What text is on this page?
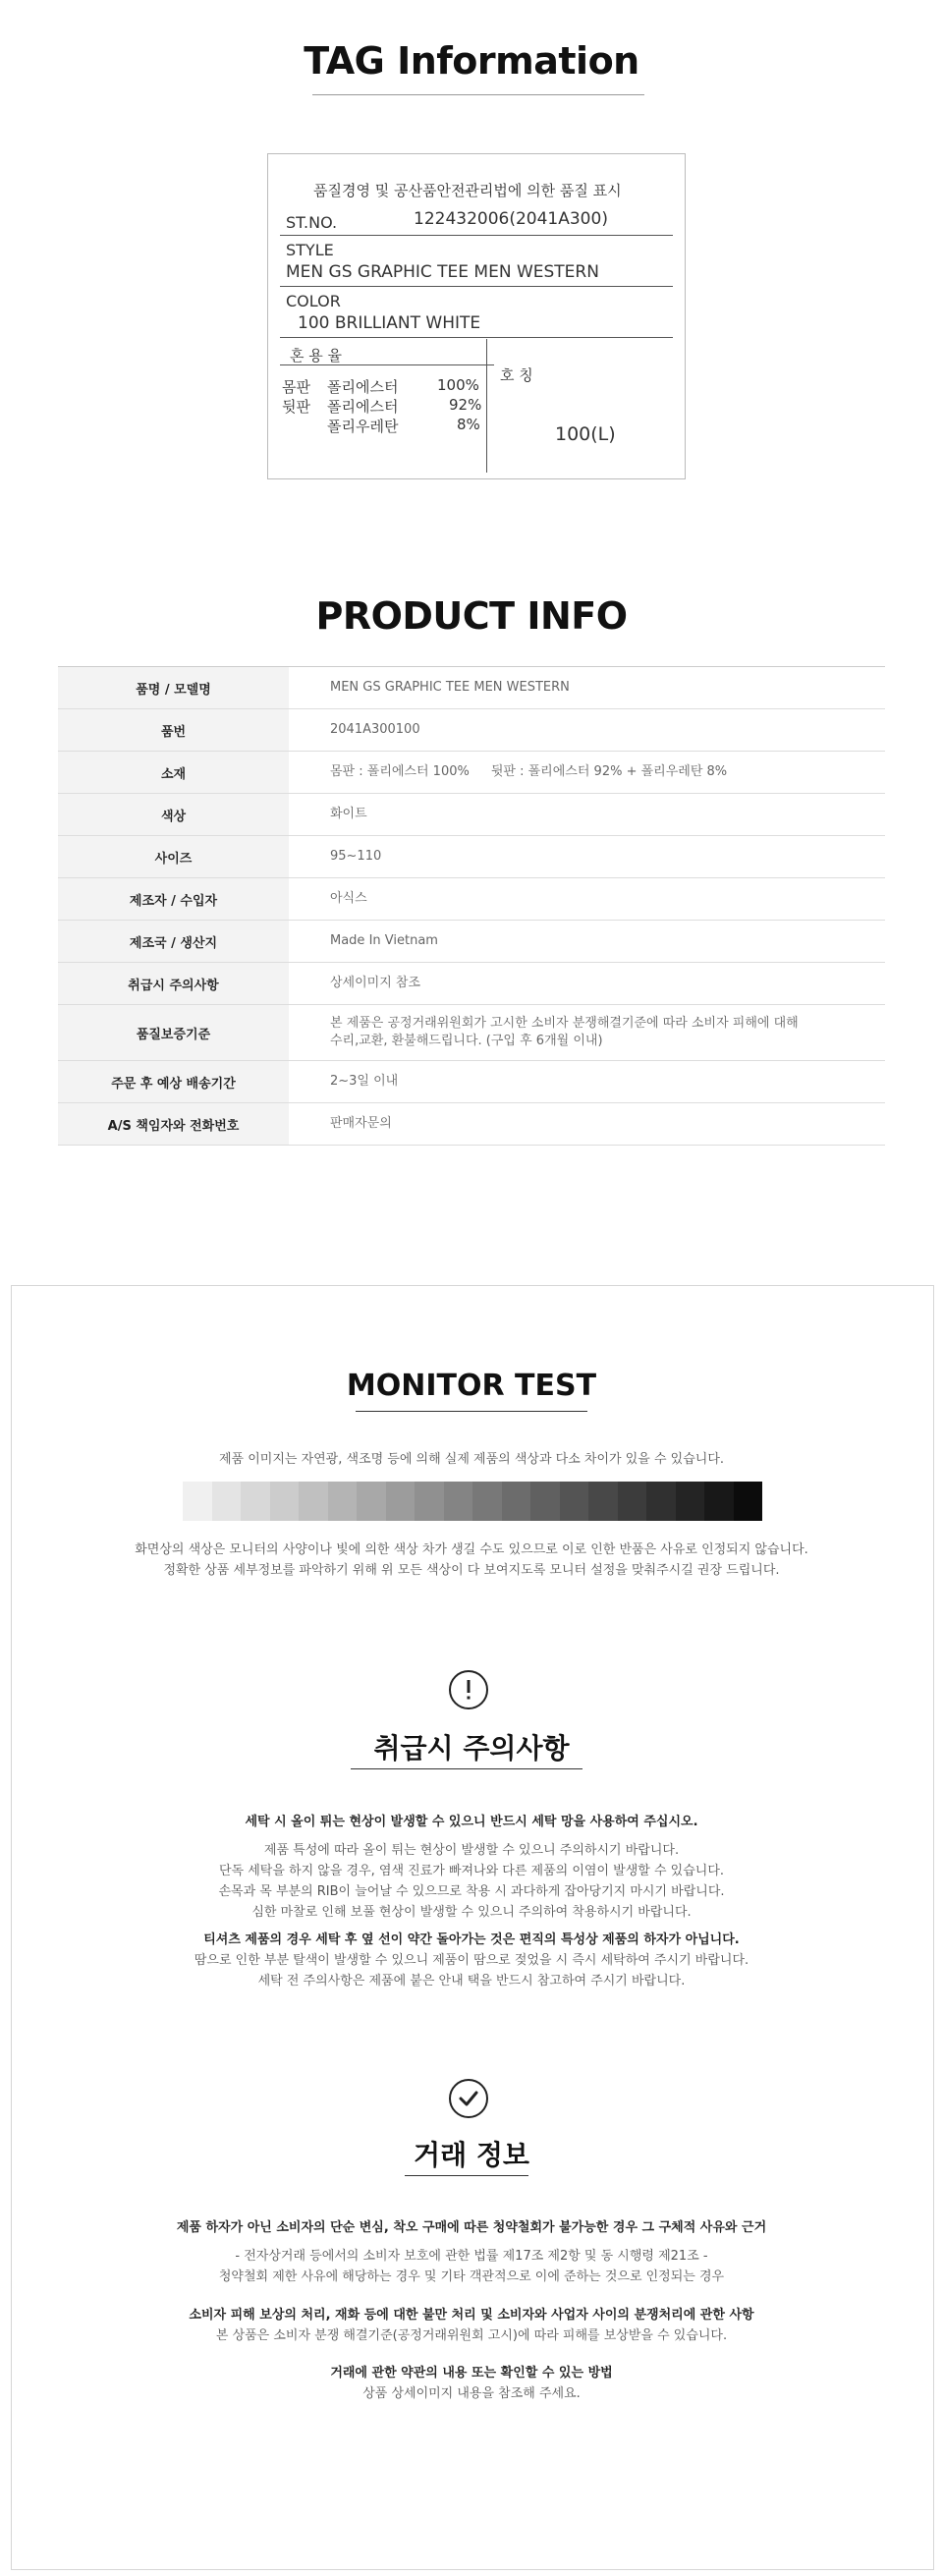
TAG Information
품질경영 및 공산품안전관리법에 의한 품질 표시
ST.NO.	122432006(2041A300)
STYLE
MEN GS GRAPHIC TEE MEN WESTERN
COLOR
100 BRILLIANT WHITE
혼 용 율
몸판 폴리에스터	100%
뒷판 폴리에스터	92%
폴리우레탄	8%
호 칭
100(L)
PRODUCT INFO
품명 / 모델명	MEN GS GRAPHIC TEE MEN WESTERN
품번	2041A300100
소재	몸판 : 폴리에스터 100% 뒷판 : 폴리에스터 92% + 폴리우레탄 8%
색상	화이트
사이즈	95~110
제조자 / 수입자	아식스
제조국 / 생산지	Made In Vietnam
취급시 주의사항	상세이미지 참조
품질보증기준	본 제품은 공정거래위원회가 고시한 소비자 분쟁해결기준에 따라 소비자 피해에 대해
수리,교환, 환불해드립니다. (구입 후 6개월 이내)

주문 후 예상 배송기간	2~3일 이내
A/S 책임자와 전화번호	판매자문의
MONITOR TEST
제품 이미지는 자연광, 색조명 등에 의해 실제 제품의 색상과 다소 차이가 있을 수 있습니다.
화면상의 색상은 모니터의 사양이나 빛에 의한 색상 차가 생길 수도 있으므로 이로 인한 반품은 사유로 인정되지 않습니다.
정확한 상품 세부정보를 파악하기 위해 위 모든 색상이 다 보여지도록 모니터 설정을 맞춰주시길 권장 드립니다.
취급시 주의사항
세탁 시 올이 튀는 현상이 발생할 수 있으니 반드시 세탁 망을 사용하여 주십시오.
제품 특성에 따라 올이 튀는 현상이 발생할 수 있으니 주의하시기 바랍니다.
단독 세탁을 하지 않을 경우, 염색 진료가 빠져나와 다른 제품의 이염이 발생할 수 있습니다.
손목과 목 부분의 RIB이 늘어날 수 있으므로 착용 시 과다하게 잡아당기지 마시기 바랍니다.
심한 마찰로 인해 보풀 현상이 발생할 수 있으니 주의하여 착용하시기 바랍니다.
티셔츠 제품의 경우 세탁 후 옆 선이 약간 돌아가는 것은 편직의 특성상 제품의 하자가 아닙니다.
땀으로 인한 부분 탈색이 발생할 수 있으니 제품이 땀으로 젖었을 시 즉시 세탁하여 주시기 바랍니다.
세탁 전 주의사항은 제품에 붙은 안내 택을 반드시 참고하여 주시기 바랍니다.
거래 정보
제품 하자가 아닌 소비자의 단순 변심, 착오 구매에 따른 청약철회가 불가능한 경우 그 구체적 사유와 근거
- 전자상거래 등에서의 소비자 보호에 관한 법률 제17조 제2항 및 동 시행령 제21조 -
청약철회 제한 사유에 해당하는 경우 및 기타 객관적으로 이에 준하는 것으로 인정되는 경우
소비자 피해 보상의 처리, 재화 등에 대한 불만 처리 및 소비자와 사업자 사이의 분쟁처리에 관한 사항
본 상품은 소비자 분쟁 해결기준(공정거래위원회 고시)에 따라 피해를 보상받을 수 있습니다.
거래에 관한 약관의 내용 또는 확인할 수 있는 방법
상품 상세이미지 내용을 참조해 주세요.
